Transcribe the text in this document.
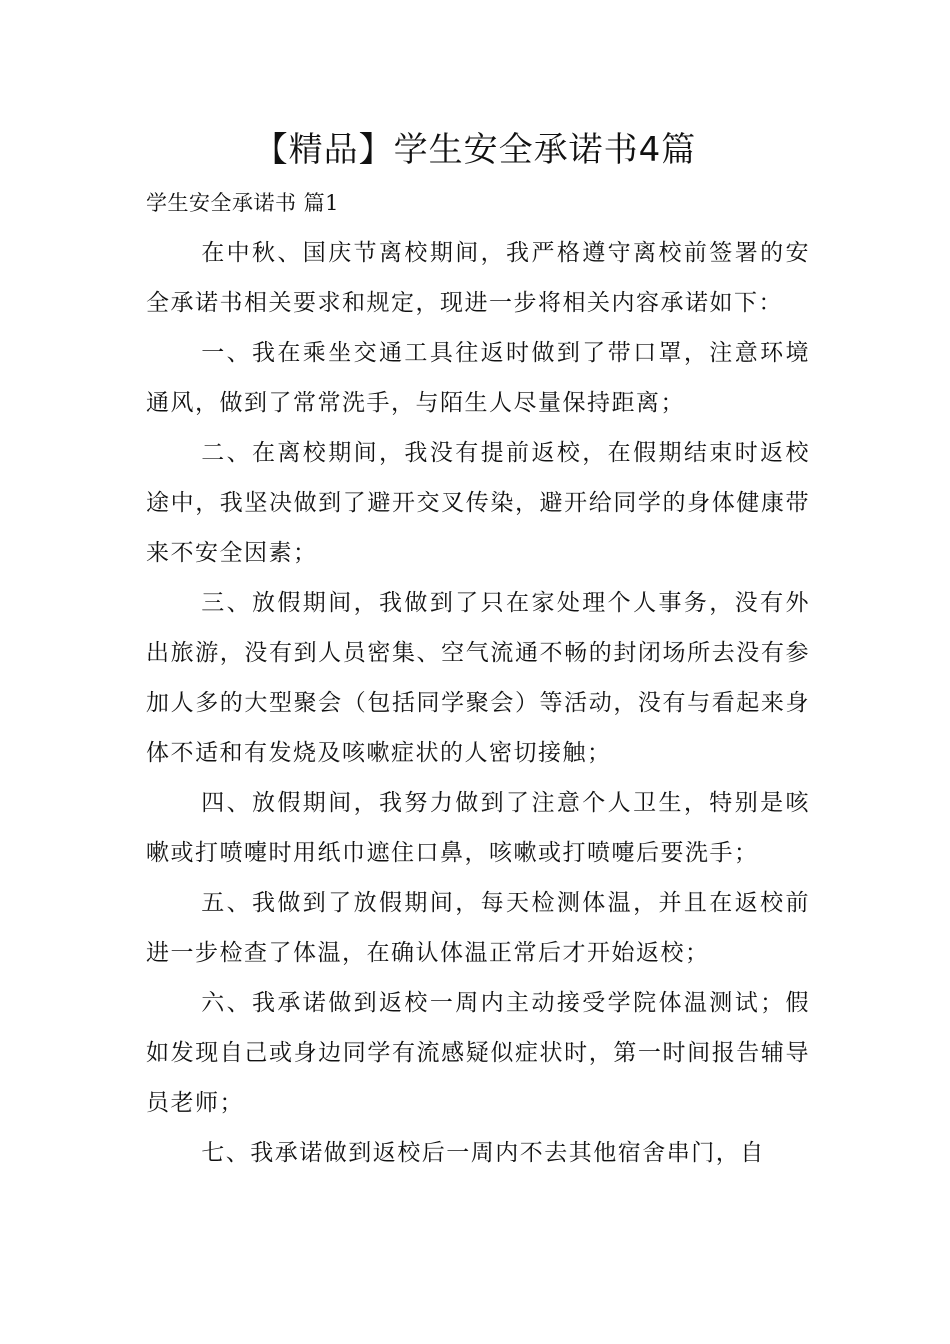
【精品】学生安全承诺书4篇

学生安全承诺书 篇1

在中秋、国庆节离校期间，我严格遵守离校前签署的安全承诺书相关要求和规定，现进一步将相关内容承诺如下：

一、我在乘坐交通工具往返时做到了带口罩，注意环境通风，做到了常常洗手，与陌生人尽量保持距离；

二、在离校期间，我没有提前返校，在假期结束时返校途中，我坚决做到了避开交叉传染，避开给同学的身体健康带来不安全因素；

三、放假期间，我做到了只在家处理个人事务，没有外出旅游，没有到人员密集、空气流通不畅的封闭场所去没有参加人多的大型聚会（包括同学聚会）等活动，没有与看起来身体不适和有发烧及咳嗽症状的人密切接触；

四、放假期间，我努力做到了注意个人卫生，特别是咳嗽或打喷嚏时用纸巾遮住口鼻，咳嗽或打喷嚏后要洗手；

五、我做到了放假期间，每天检测体温，并且在返校前进一步检查了体温，在确认体温正常后才开始返校；

六、我承诺做到返校一周内主动接受学院体温测试；假如发现自己或身边同学有流感疑似症状时，第一时间报告辅导员老师；

七、我承诺做到返校后一周内不去其他宿舍串门，自
